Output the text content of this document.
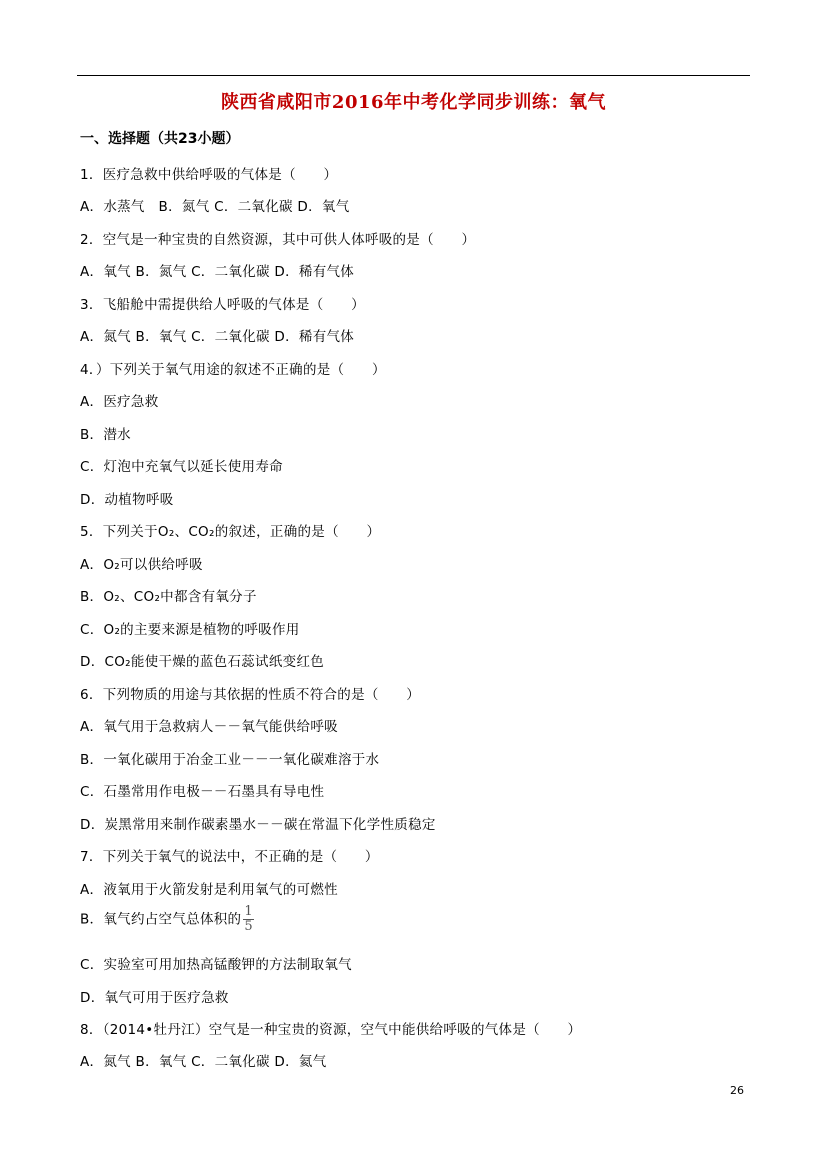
陕西省咸阳市2016年中考化学同步训练：氧气
一、选择题（共23小题）
1．医疗急救中供给呼吸的气体是（　　）
A．水蒸气　B．氮气 C．二氧化碳 D．氧气
2．空气是一种宝贵的自然资源，其中可供人体呼吸的是（　　）
A．氧气 B．氮气 C．二氧化碳 D．稀有气体
3．飞船舱中需提供给人呼吸的气体是（　　）
A．氮气 B．氧气 C．二氧化碳 D．稀有气体
4．）下列关于氧气用途的叙述不正确的是（　　）
A．医疗急救
B．潜水
C．灯泡中充氧气以延长使用寿命
D．动植物呼吸
5．下列关于O₂、CO₂的叙述，正确的是（　　）
A．O₂可以供给呼吸
B．O₂、CO₂中都含有氧分子
C．O₂的主要来源是植物的呼吸作用
D．CO₂能使干燥的蓝色石蕊试纸变红色
6．下列物质的用途与其依据的性质不符合的是（　　）
A．氧气用于急救病人－－氧气能供给呼吸
B．一氧化碳用于冶金工业－－一氧化碳难溶于水
C．石墨常用作电极－－石墨具有导电性
D．炭黑常用来制作碳素墨水－－碳在常温下化学性质稳定
7．下列关于氧气的说法中，不正确的是（　　）
A．液氧用于火箭发射是利用氧气的可燃性
B．氧气约占空气总体积的 $\frac{1}{5}$
C．实验室可用加热高锰酸钾的方法制取氧气
D．氧气可用于医疗急救
8．（2014•牡丹江）空气是一种宝贵的资源，空气中能供给呼吸的气体是（　　）
A．氮气 B．氧气 C．二氧化碳 D．氦气
26
